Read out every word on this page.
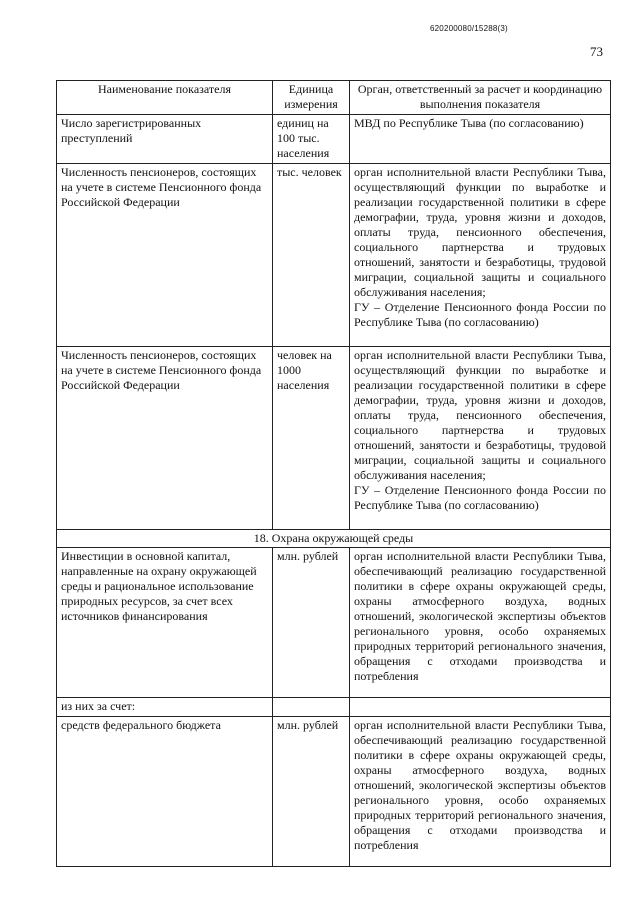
620200080/15288(3)
73
Наименование показателя	Единица измерения	Орган, ответственный за расчет и координацию выполнения показателя
Число зарегистрированных преступлений	единиц на 100 тыс. населения	МВД по Республике Тыва (по согласованию)
Численность пенсионеров, состоящих на учете в системе Пенсионного фонда Российской Федерации	тыс. человек	орган исполнительной власти Республики Тыва, осуществляющий функции по выработке и реализации государственной политики в сфере демографии, труда, уровня жизни и доходов, оплаты труда, пенсионного обеспечения, социального партнерства и трудовых отношений, занятости и безработицы, трудовой миграции, социальной защиты и социального обслуживания населения;
ГУ – Отделение Пенсионного фонда России по Республике Тыва (по согласованию)

Численность пенсионеров, состоящих на учете в системе Пенсионного фонда Российской Федерации	человек на 1000 населения	орган исполнительной власти Республики Тыва, осуществляющий функции по выработке и реализации государственной политики в сфере демографии, труда, уровня жизни и доходов, оплаты труда, пенсионного обеспечения, социального партнерства и трудовых отношений, занятости и безработицы, трудовой миграции, социальной защиты и социального обслуживания населения;
ГУ – Отделение Пенсионного фонда России по Республике Тыва (по согласованию)

18. Охрана окружающей среды		
Инвестиции в основной капитал, направленные на охрану окружающей среды и рациональное использование природных ресурсов, за счет всех источников финансирования	млн. рублей	орган исполнительной власти Республики Тыва, обеспечивающий реализацию государственной политики в сфере охраны окружающей среды, охраны атмосферного воздуха, водных отношений, экологической экспертизы объектов регионального уровня, особо охраняемых природных территорий регионального значения, обращения с отходами производства и потребления
из них за счет:		
средств федерального бюджета	млн. рублей	орган исполнительной власти Республики Тыва, обеспечивающий реализацию государственной политики в сфере охраны окружающей среды, охраны атмосферного воздуха, водных отношений, экологической экспертизы объектов регионального уровня, особо охраняемых природных территорий регионального значения, обращения с отходами производства и потребления
